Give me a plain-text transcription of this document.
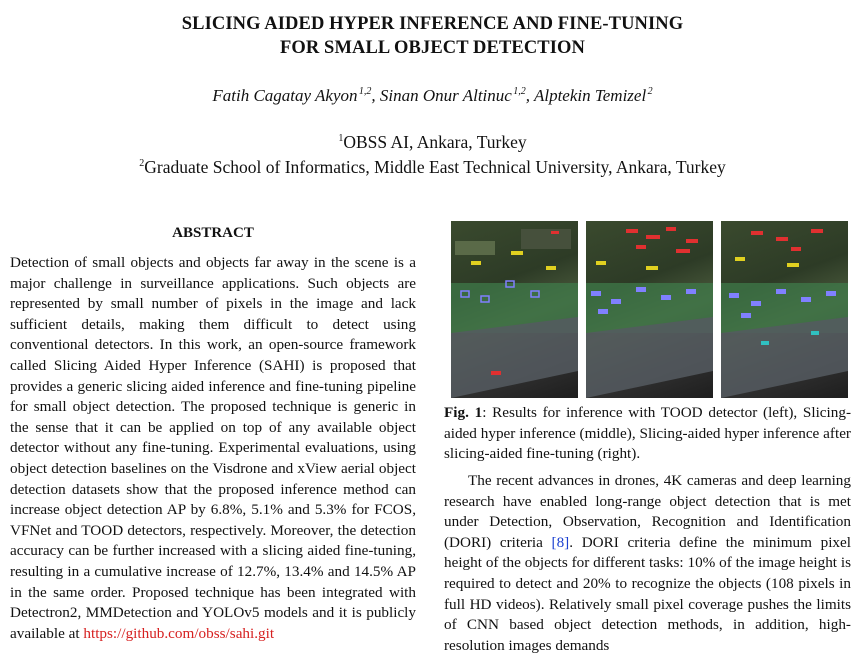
SLICING AIDED HYPER INFERENCE AND FINE-TUNING
FOR SMALL OBJECT DETECTION
Fatih Cagatay Akyon $^{1,2}$, Sinan Onur Altinuc $^{1,2}$, Alptekin Temizel $^2$
$^1$OBSS AI, Ankara, Turkey
$^2$Graduate School of Informatics, Middle East Technical University, Ankara, Turkey
ABSTRACT
Detection of small objects and objects far away in the scene is a major challenge in surveillance applications. Such objects are represented by small number of pixels in the image and lack sufficient details, making them difficult to detect using conventional detectors. In this work, an open-source framework called Slicing Aided Hyper Inference (SAHI) is proposed that provides a generic slicing aided inference and fine-tuning pipeline for small object detection. The proposed technique is generic in the sense that it can be applied on top of any available object detector without any fine-tuning. Experimental evaluations, using object detection baselines on the Visdrone and xView aerial object detection datasets show that the proposed inference method can increase object detection AP by 6.8%, 5.1% and 5.3% for FCOS, VFNet and TOOD detectors, respectively. Moreover, the detection accuracy can be further increased with a slicing aided fine-tuning, resulting in a cumulative increase of 12.7%, 13.4% and 14.5% AP in the same order. Proposed technique has been integrated with Detectron2, MMDetection and YOLOv5 models and it is publicly available at https://github.com/obss/sahi.git
Fig. 1: Results for inference with TOOD detector (left), Slicing-aided hyper inference (middle), Slicing-aided hyper inference after slicing-aided fine-tuning (right).
The recent advances in drones, 4K cameras and deep learning research have enabled long-range object detection that is met under Detection, Observation, Recognition and Identification (DORI) criteria [8]. DORI criteria define the minimum pixel height of the objects for different tasks: 10% of the image height is required to detect and 20% to recognize the objects (108 pixels in full HD videos). Relatively small pixel coverage pushes the limits of CNN based object detection methods, in addition, high-resolution images demands
